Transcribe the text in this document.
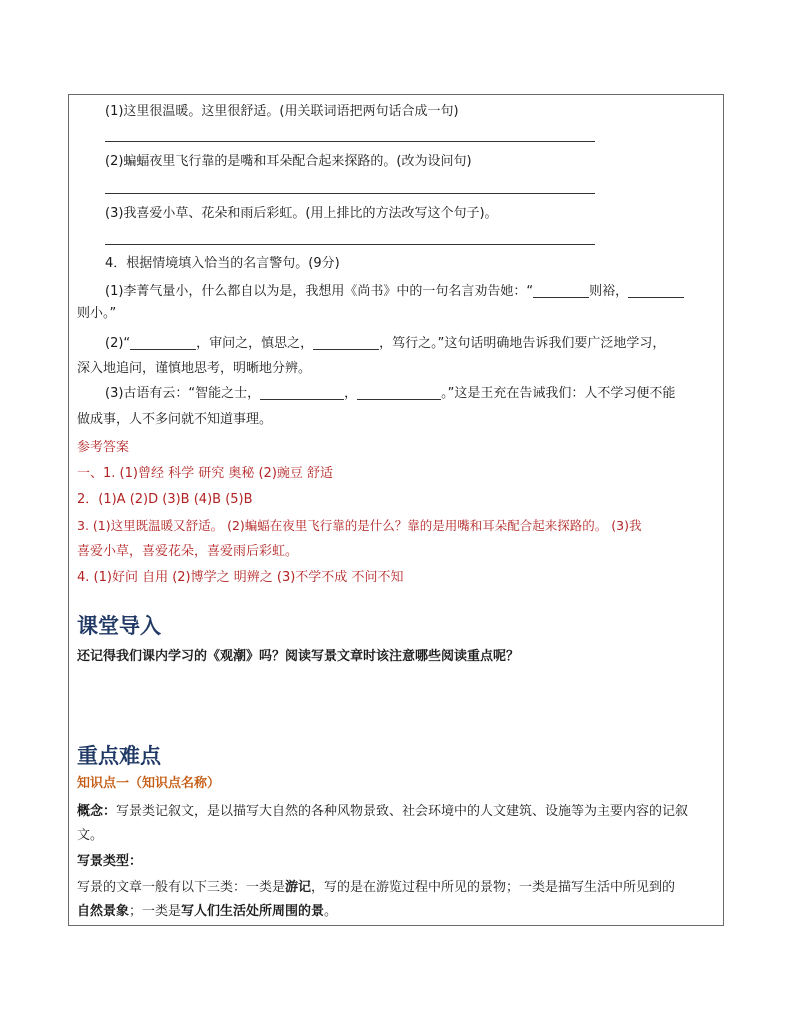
(1)这里很温暖。这里很舒适。(用关联词语把两句话合成一句)
(2)蝙蝠夜里飞行靠的是嘴和耳朵配合起来探路的。(改为设问句)
(3)我喜爱小草、花朵和雨后彩虹。(用上排比的方法改写这个句子)。
4．根据情境填入恰当的名言警句。(9分)
(1)李菁气量小，什么都自以为是，我想用《尚书》中的一句名言劝告她：“	则裕，
则小。”
(2)“	，审问之，慎思之，	，笃行之。”这句话明确地告诉我们要广泛地学习，
深入地追问，谨慎地思考，明晰地分辨。
(3)古语有云：“智能之士，	，	。”这是王充在告诫我们：人不学习便不能
做成事，人不多问就不知道事理。
参考答案
一、1. (1)曾经 科学 研究 奥秘 (2)豌豆 舒适
2．(1)A (2)D (3)B (4)B (5)B
3. (1)这里既温暖又舒适。 (2)蝙蝠在夜里飞行靠的是什么？靠的是用嘴和耳朵配合起来探路的。 (3)我
喜爱小草，喜爱花朵，喜爱雨后彩虹。
4. (1)好问 自用 (2)博学之 明辨之 (3)不学不成 不问不知
课堂导入
还记得我们课内学习的《观潮》吗？阅读写景文章时该注意哪些阅读重点呢？
重点难点
知识点一（知识点名称）
概念：写景类记叙文，是以描写大自然的各种风物景致、社会环境中的人文建筑、设施等为主要内容的记叙
文。
写景类型：
写景的文章一般有以下三类：一类是游记，写的是在游览过程中所见的景物；一类是描写生活中所见到的
自然景象；一类是写人们生活处所周围的景。
